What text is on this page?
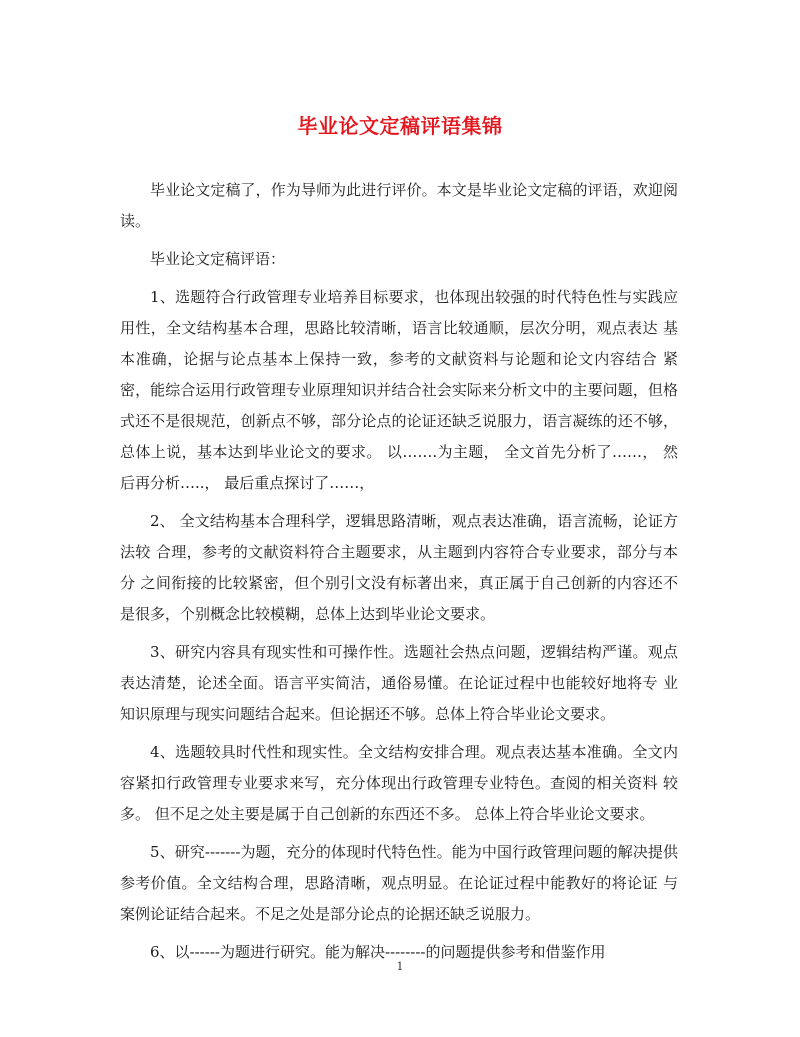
毕业论文定稿评语集锦

毕业论文定稿了，作为导师为此进行评价。本文是毕业论文定稿的评语，欢迎阅读。

毕业论文定稿评语：

1、选题符合行政管理专业培养目标要求，也体现出较强的时代特色性与实践应 用性，全文结构基本合理，思路比较清晰，语言比较通顺，层次分明，观点表达 基本准确，论据与论点基本上保持一致，参考的文献资料与论题和论文内容结合 紧密，能综合运用行政管理专业原理知识并结合社会实际来分析文中的主要问题，但格式还不是很规范，创新点不够，部分论点的论证还缺乏说服力，语言凝练的还不够，总体上说，基本达到毕业论文的要求。 以…….为主题， 全文首先分析了……， 然后再分析…..， 最后重点探讨了……，

2、 全文结构基本合理科学，逻辑思路清晰，观点表达准确，语言流畅，论证方法较 合理，参考的文献资料符合主题要求，从主题到内容符合专业要求，部分与本分 之间衔接的比较紧密，但个别引文没有标著出来，真正属于自己创新的内容还不 是很多，个别概念比较模糊，总体上达到毕业论文要求。

3、研究内容具有现实性和可操作性。选题社会热点问题，逻辑结构严谨。观点 表达清楚，论述全面。语言平实简洁，通俗易懂。在论证过程中也能较好地将专 业知识原理与现实问题结合起来。但论据还不够。总体上符合毕业论文要求。

4、选题较具时代性和现实性。全文结构安排合理。观点表达基本准确。全文内 容紧扣行政管理专业要求来写，充分体现出行政管理专业特色。查阅的相关资料 较多。 但不足之处主要是属于自己创新的东西还不多。 总体上符合毕业论文要求。

5、研究-------为题，充分的体现时代特色性。能为中国行政管理问题的解决提供 参考价值。全文结构合理，思路清晰，观点明显。在论证过程中能教好的将论证 与案例论证结合起来。不足之处是部分论点的论据还缺乏说服力。

6、以------为题进行研究。能为解决--------的问题提供参考和借鉴作用

1
